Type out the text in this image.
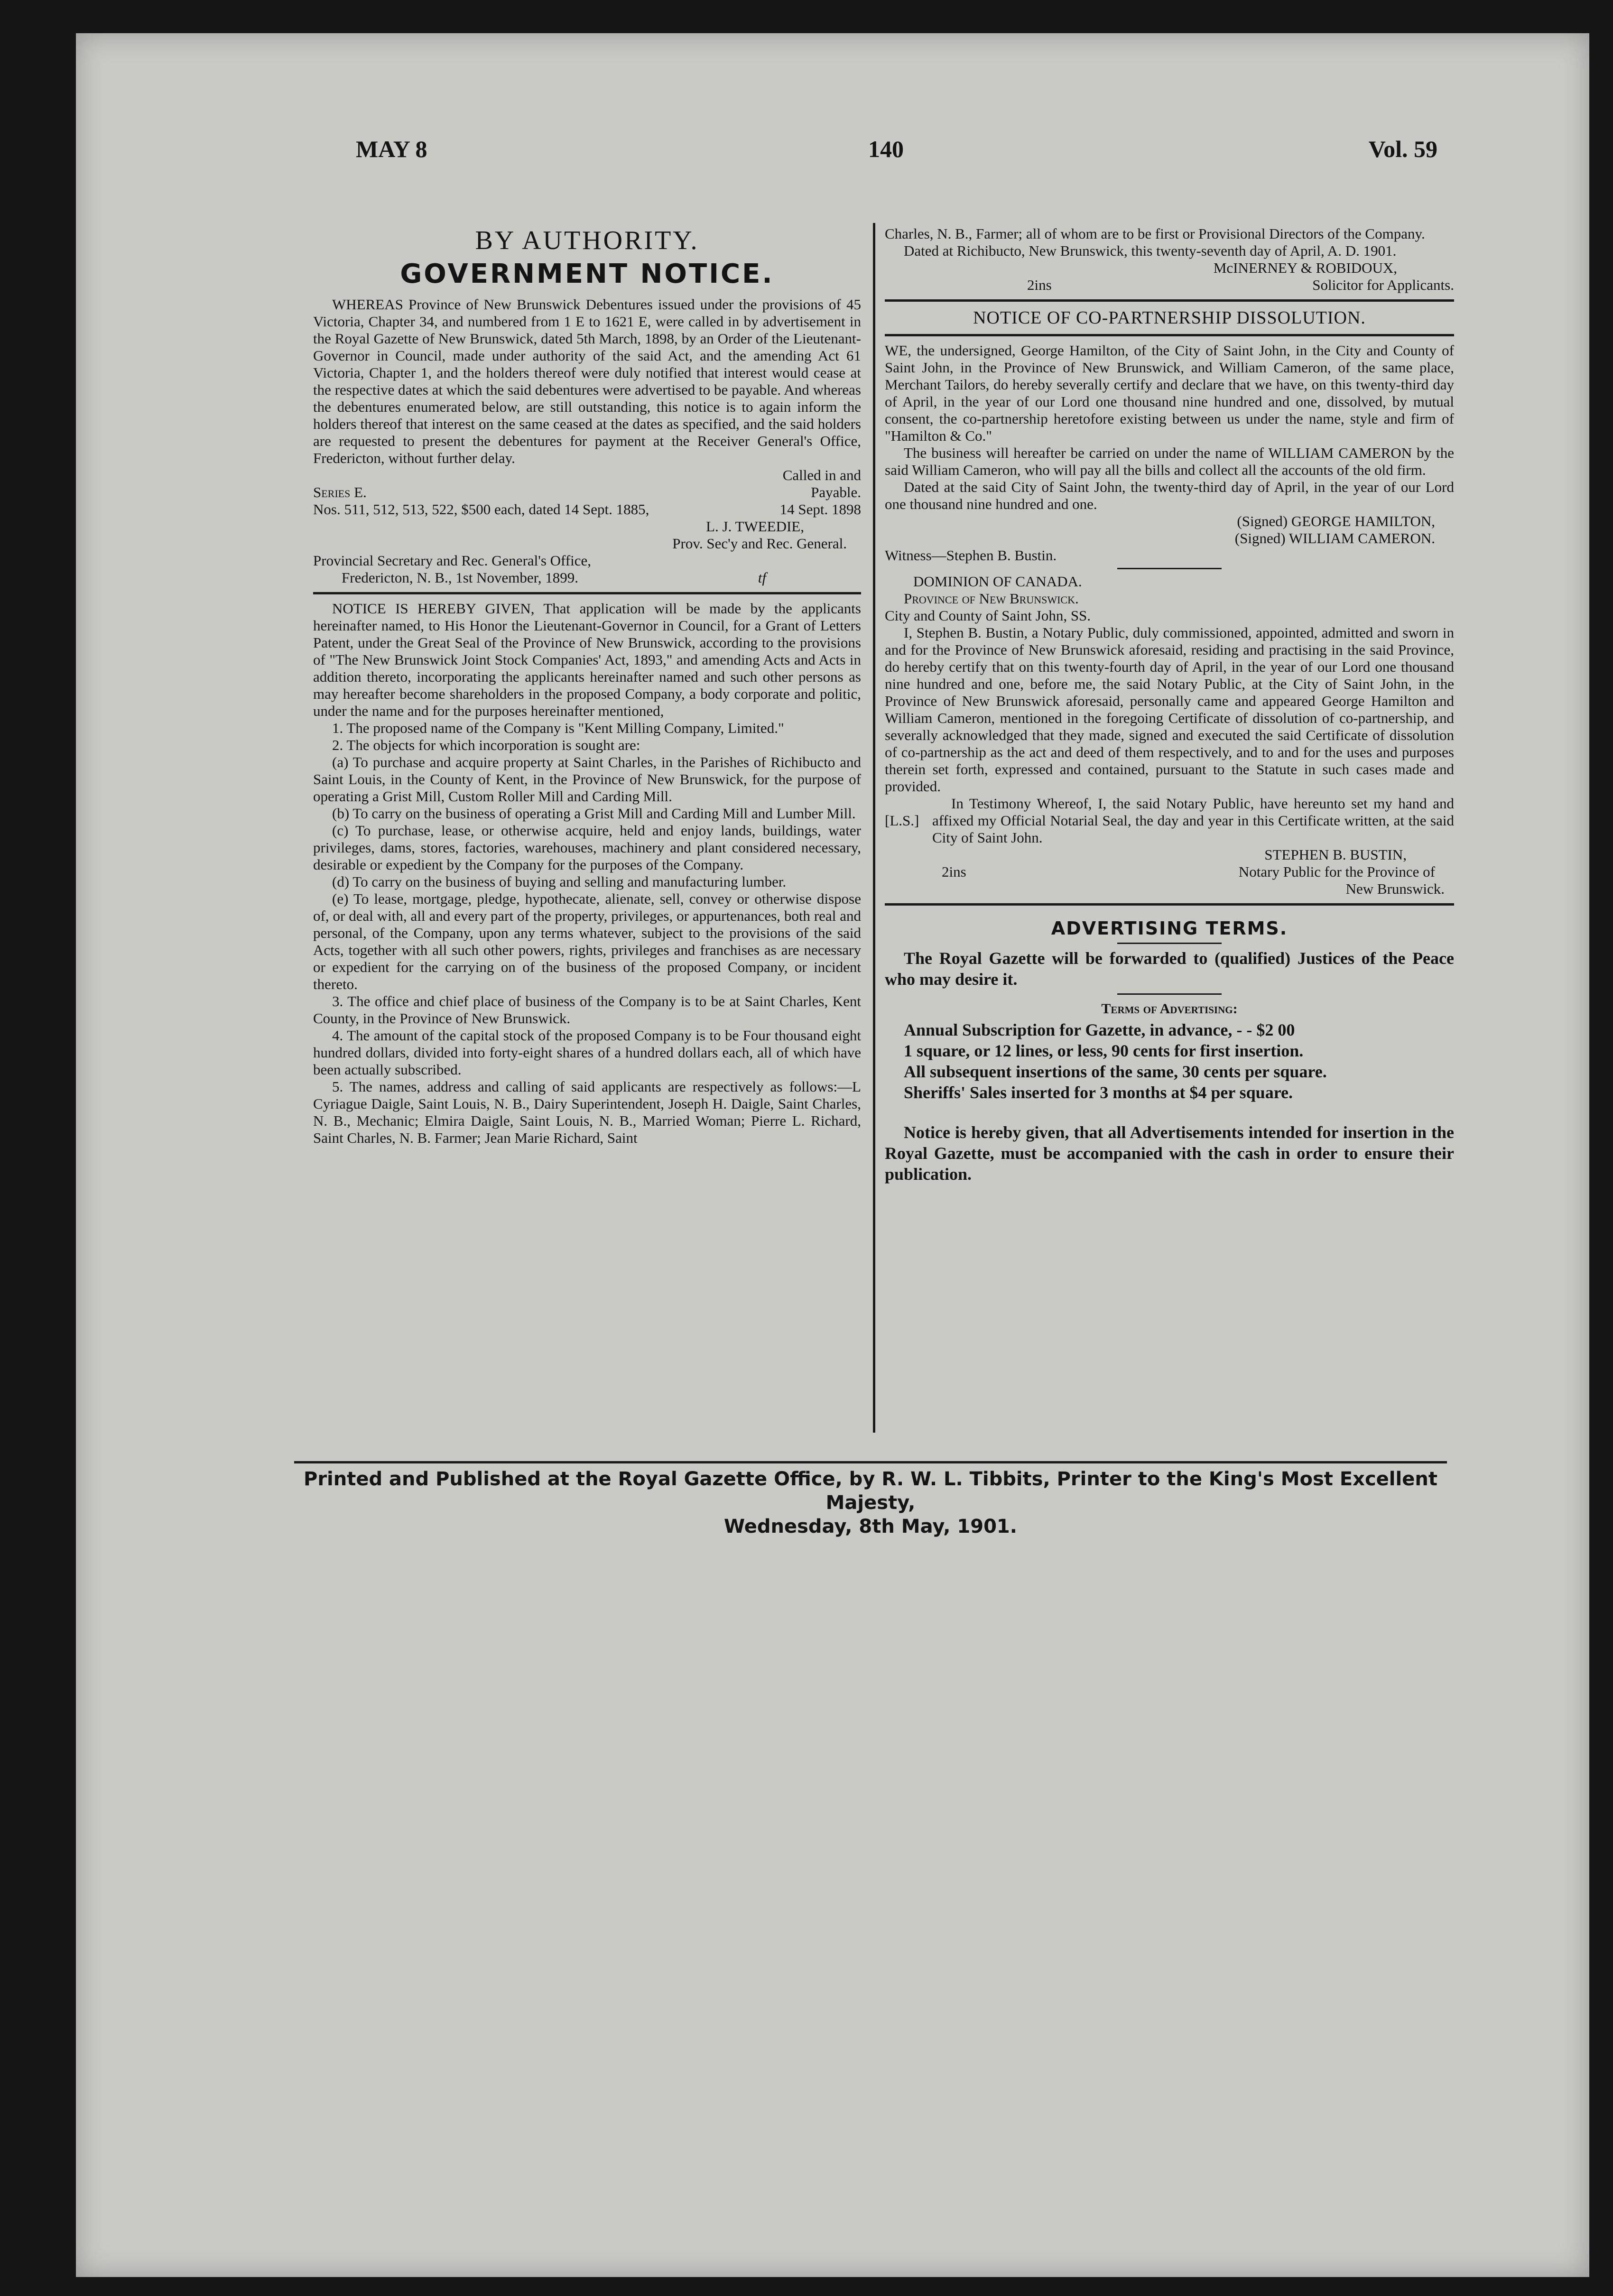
MAY 8	140	Vol. 59
BY AUTHORITY.
GOVERNMENT NOTICE.

WHEREAS Province of New Brunswick Debentures issued under the provisions of 45 Victoria, Chapter 34, and numbered from 1 E to 1621 E, were called in by advertisement in the Royal Gazette of New Brunswick, dated 5th March, 1898, by an Order of the Lieutenant-Governor in Council, made under authority of the said Act, and the amending Act 61 Victoria, Chapter 1, and the holders thereof were duly notified that interest would cease at the respective dates at which the said debentures were advertised to be payable. And whereas the debentures enumerated below, are still outstanding, this notice is to again inform the holders thereof that interest on the same ceased at the dates as specified, and the said holders are requested to present the debentures for payment at the Receiver General's Office, Fredericton, without further delay.

Called in and

Series E.	Payable.
Nos. 511, 512, 513, 522, $500 each, dated 14 Sept. 1885,	14 Sept. 1898

L. J. TWEEDIE,

Prov. Sec'y and Rec. General.

Provincial Secretary and Rec. General's Office,

Fredericton, N. B., 1st November, 1899.	tf

NOTICE IS HEREBY GIVEN, That application will be made by the applicants hereinafter named, to His Honor the Lieutenant-Governor in Council, for a Grant of Letters Patent, under the Great Seal of the Province of New Brunswick, according to the provisions of "The New Brunswick Joint Stock Companies' Act, 1893," and amending Acts and Acts in addition thereto, incorporating the applicants hereinafter named and such other persons as may hereafter become shareholders in the proposed Company, a body corporate and politic, under the name and for the purposes hereinafter mentioned,

1. The proposed name of the Company is "Kent Milling Company, Limited."

2. The objects for which incorporation is sought are:

(a) To purchase and acquire property at Saint Charles, in the Parishes of Richibucto and Saint Louis, in the County of Kent, in the Province of New Brunswick, for the purpose of operating a Grist Mill, Custom Roller Mill and Carding Mill.

(b) To carry on the business of operating a Grist Mill and Carding Mill and Lumber Mill.

(c) To purchase, lease, or otherwise acquire, held and enjoy lands, buildings, water privileges, dams, stores, factories, warehouses, machinery and plant considered necessary, desirable or expedient by the Company for the purposes of the Company.

(d) To carry on the business of buying and selling and manufacturing lumber.

(e) To lease, mortgage, pledge, hypothecate, alienate, sell, convey or otherwise dispose of, or deal with, all and every part of the property, privileges, or appurtenances, both real and personal, of the Company, upon any terms whatever, subject to the provisions of the said Acts, together with all such other powers, rights, privileges and franchises as are necessary or expedient for the carrying on of the business of the proposed Company, or incident thereto.

3. The office and chief place of business of the Company is to be at Saint Charles, Kent County, in the Province of New Brunswick.

4. The amount of the capital stock of the proposed Company is to be Four thousand eight hundred dollars, divided into forty-eight shares of a hundred dollars each, all of which have been actually subscribed.

5. The names, address and calling of said applicants are respectively as follows:—L Cyriague Daigle, Saint Louis, N. B., Dairy Superintendent, Joseph H. Daigle, Saint Charles, N. B., Mechanic; Elmira Daigle, Saint Louis, N. B., Married Woman; Pierre L. Richard, Saint Charles, N. B. Farmer; Jean Marie Richard, Saint

Charles, N. B., Farmer; all of whom are to be first or Provisional Directors of the Company.

Dated at Richibucto, New Brunswick, this twenty-seventh day of April, A. D. 1901.

McINERNEY & ROBIDOUX,

2ins	Solicitor for Applicants.
NOTICE OF CO-PARTNERSHIP DISSOLUTION.

WE, the undersigned, George Hamilton, of the City of Saint John, in the City and County of Saint John, in the Province of New Brunswick, and William Cameron, of the same place, Merchant Tailors, do hereby severally certify and declare that we have, on this twenty-third day of April, in the year of our Lord one thousand nine hundred and one, dissolved, by mutual consent, the co-partnership heretofore existing between us under the name, style and firm of "Hamilton & Co."

The business will hereafter be carried on under the name of WILLIAM CAMERON by the said William Cameron, who will pay all the bills and collect all the accounts of the old firm.

Dated at the said City of Saint John, the twenty-third day of April, in the year of our Lord one thousand nine hundred and one.

(Signed) GEORGE HAMILTON,

(Signed) WILLIAM CAMERON.

Witness—Stephen B. Bustin.

DOMINION OF CANADA.

Province of New Brunswick.

City and County of Saint John, SS.

I, Stephen B. Bustin, a Notary Public, duly commissioned, appointed, admitted and sworn in and for the Province of New Brunswick aforesaid, residing and practising in the said Province, do hereby certify that on this twenty-fourth day of April, in the year of our Lord one thousand nine hundred and one, before me, the said Notary Public, at the City of Saint John, in the Province of New Brunswick aforesaid, personally came and appeared George Hamilton and William Cameron, mentioned in the foregoing Certificate of dissolution of co-partnership, and severally acknowledged that they made, signed and executed the said Certificate of dissolution of co-partnership as the act and deed of them respectively, and to and for the uses and purposes therein set forth, expressed and contained, pursuant to the Statute in such cases made and provided.

[L.S.]

In Testimony Whereof, I, the said Notary Public, have hereunto set my hand and affixed my Official Notarial Seal, the day and year in this Certificate written, at the said City of Saint John.

STEPHEN B. BUSTIN,

2ins	Notary Public for the Province of

New Brunswick.

ADVERTISING TERMS.

The Royal Gazette will be forwarded to (qualified) Justices of the Peace who may desire it.

Terms of Advertising:

Annual Subscription for Gazette, in advance, - - $2 00

1 square, or 12 lines, or less, 90 cents for first insertion.

All subsequent insertions of the same, 30 cents per square.

Sheriffs' Sales inserted for 3 months at $4 per square.

Notice is hereby given, that all Advertisements intended for insertion in the Royal Gazette, must be accompanied with the cash in order to ensure their publication.

Printed and Published at the Royal Gazette Office, by R. W. L. Tibbits, Printer to the King's Most Excellent Majesty,
Wednesday, 8th May, 1901.
